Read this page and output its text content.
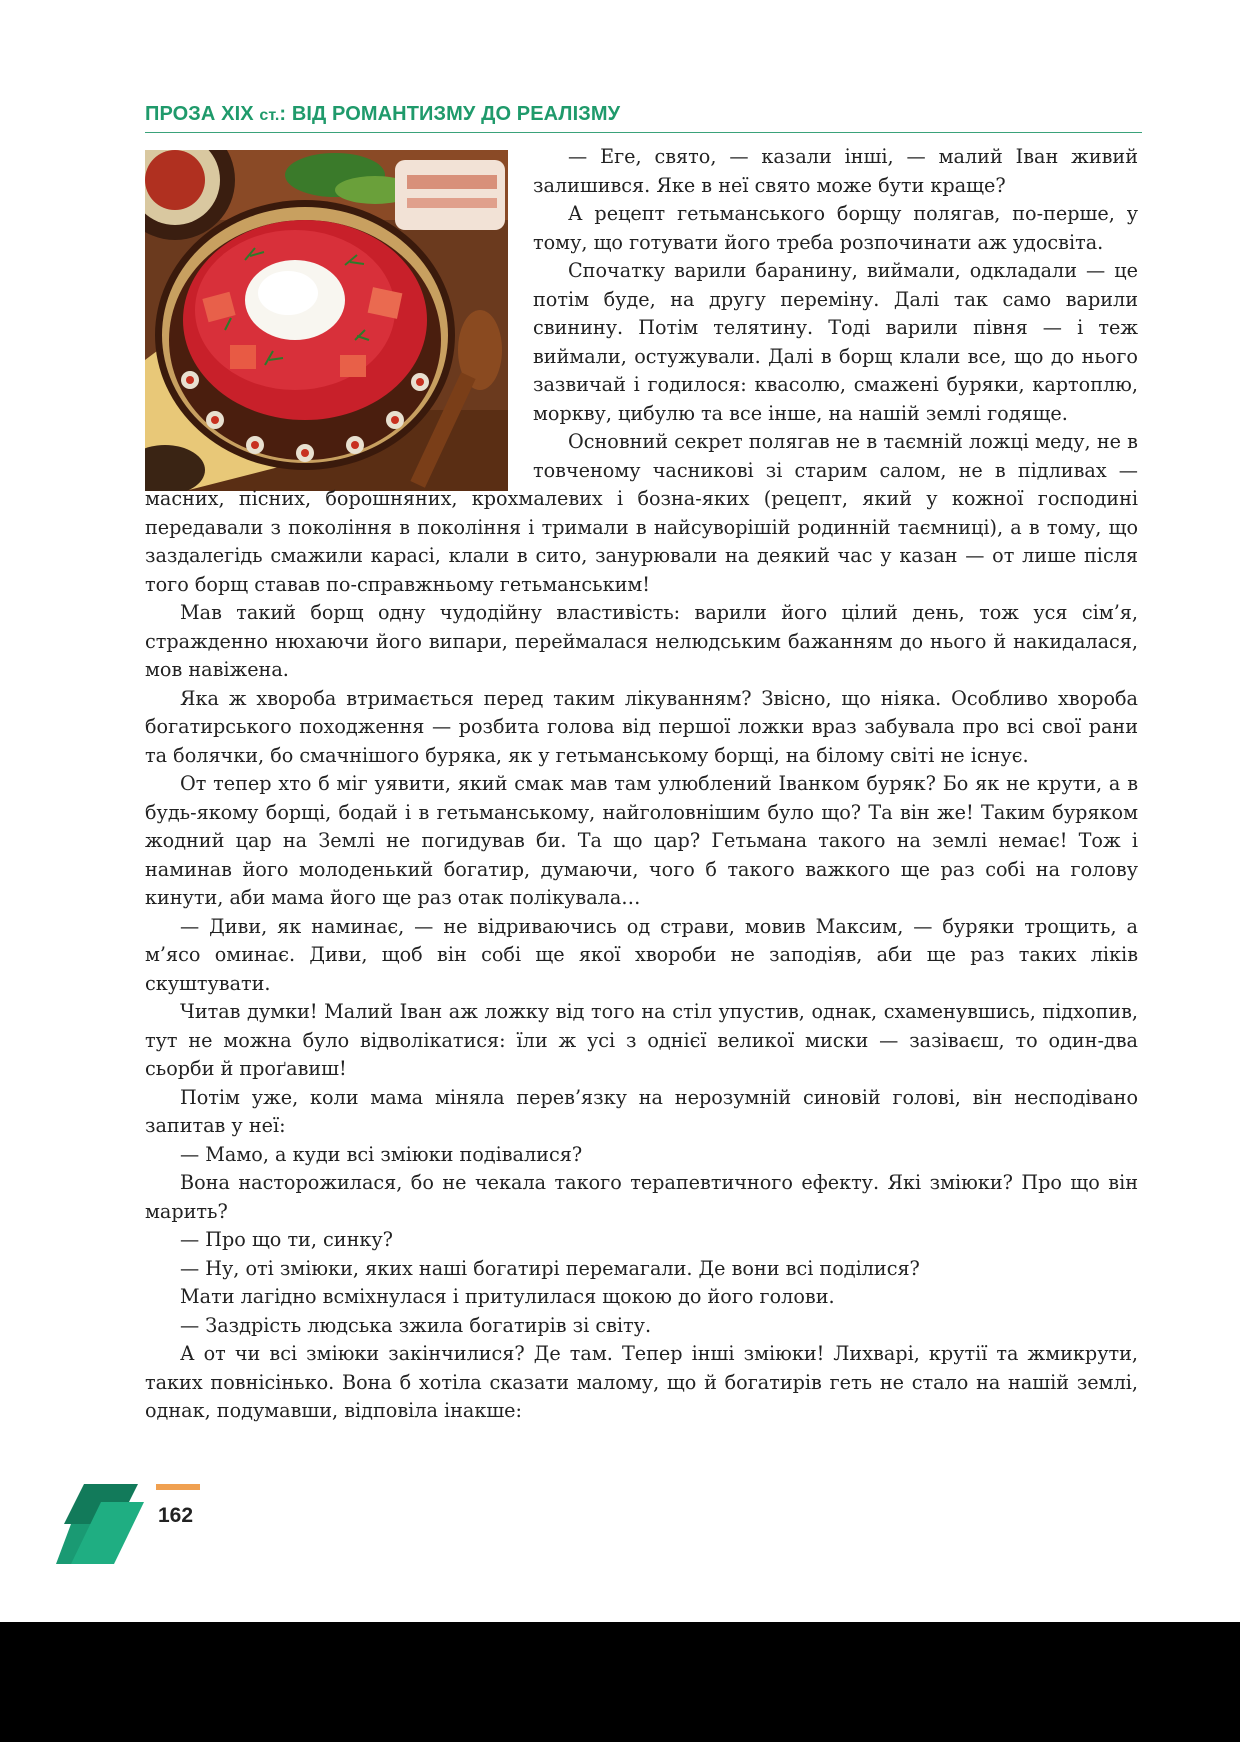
ПРОЗА XIX ст.: ВІД РОМАНТИЗМУ ДО РЕАЛІЗМУ

— Еге, свято, — казали інші, — малий Іван живий залишився. Яке в неї свято може бути краще?

А рецепт гетьманського борщу полягав, по-перше, у тому, що готувати його треба розпочинати аж удосвіта.

Спочатку варили баранину, виймали, одкладали — це потім буде, на другу переміну. Далі так само варили свинину. Потім телятину. Тоді варили півня — і теж виймали, остужували. Далі в борщ клали все, що до нього зазвичай і годилося: квасолю, смажені буряки, картоплю, моркву, цибулю та все інше, на нашій землі годяще.

Основний секрет полягав не в таємній ложці меду, не в товченому часникові зі старим салом, не в підливах — масних, пісних, борошняних, крохмалевих і бозна-яких (рецепт, який у кожної господині передавали з покоління в покоління і тримали в найсуворішій родинній таємниці), а в тому, що заздалегідь смажили карасі, клали в сито, занурювали на деякий час у казан — от лише після того борщ ставав по-справжньому гетьманським!

Мав такий борщ одну чудодійну властивість: варили його цілий день, тож уся сім’я, стражденно нюхаючи його випари, переймалася нелюдським бажанням до нього й накидалася, мов навіжена.

Яка ж хвороба втримається перед таким лікуванням? Звісно, що ніяка. Особливо хвороба богатирського походження — розбита голова від першої ложки враз забувала про всі свої рани та болячки, бо смачнішого буряка, як у гетьманському борщі, на білому світі не існує.

От тепер хто б міг уявити, який смак мав там улюблений Іванком буряк? Бо як не крути, а в будь-якому борщі, бодай і в гетьманському, найголовнішим було що? Та він же! Таким буряком жодний цар на Землі не погидував би. Та що цар? Гетьмана такого на землі немає! Тож і наминав його молоденький богатир, думаючи, чого б такого важкого ще раз собі на голову кинути, аби мама його ще раз отак полікувала…

— Диви, як наминає, — не відриваючись од страви, мовив Максим, — буряки трощить, а м’ясо оминає. Диви, щоб він собі ще якої хвороби не заподіяв, аби ще раз таких ліків скуштувати.

Читав думки! Малий Іван аж ложку від того на стіл упустив, однак, схаменувшись, підхопив, тут не можна було відволікатися: їли ж усі з однієї великої миски — зазіваєш, то один-два сьорби й проґавиш!

Потім уже, коли мама міняла перев’язку на нерозумній синовій голові, він несподівано запитав у неї:

— Мамо, а куди всі зміюки подівалися?

Вона насторожилася, бо не чекала такого терапевтичного ефекту. Які зміюки? Про що він марить?

— Про що ти, синку?

— Ну, оті зміюки, яких наші богатирі перемагали. Де вони всі поділися?

Мати лагідно всміхнулася і притулилася щокою до його голови.

— Заздрість людська зжила богатирів зі світу.

А от чи всі зміюки закінчилися? Де там. Тепер інші зміюки! Лихварі, крутії та жмикрути, таких повнісінько. Вона б хотіла сказати малому, що й богатирів геть не стало на нашій землі, однак, подумавши, відповіла інакше:

162
